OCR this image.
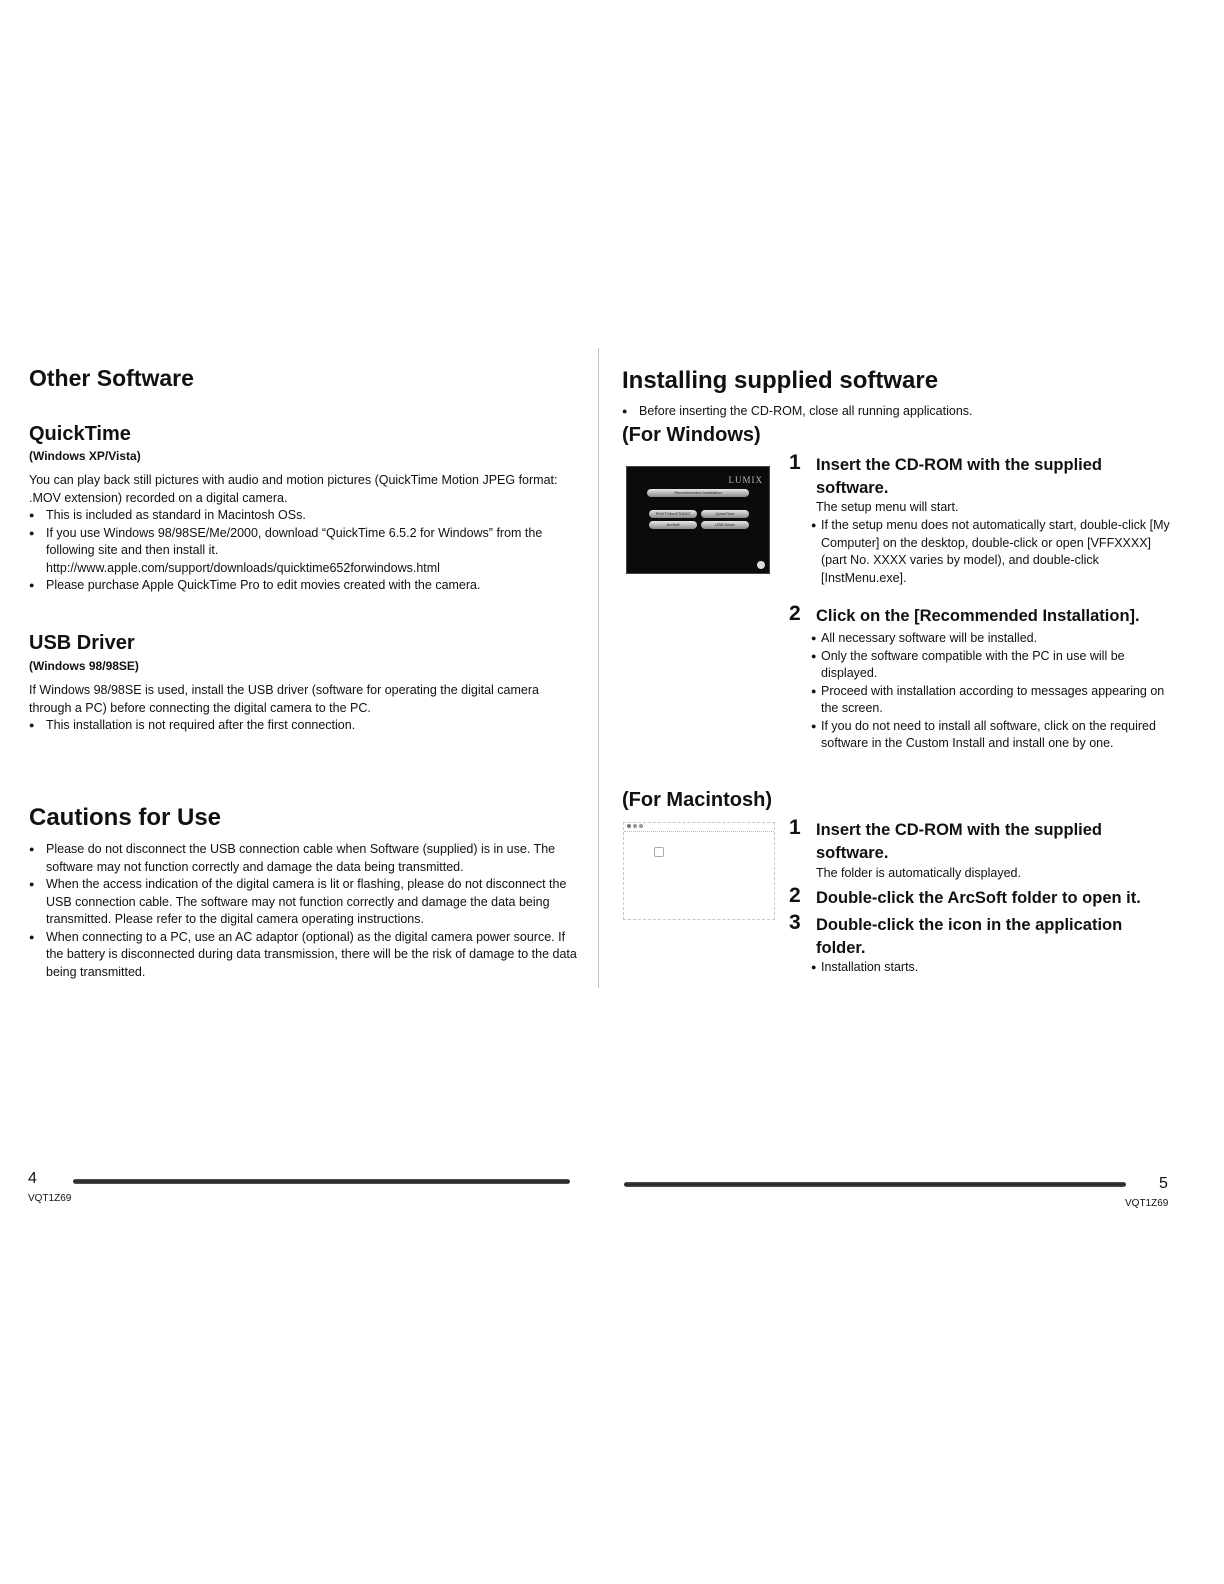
Other Software
QuickTime

(Windows XP/Vista)

You can play back still pictures with audio and motion pictures (QuickTime Motion JPEG format: .MOV extension) recorded on a digital camera.

● This is included as standard in Macintosh OSs.
● If you use Windows 98/98SE/Me/2000, download “QuickTime 6.5.2 for Windows” from the following site and then install it.
http://www.apple.com/support/downloads/quicktime652forwindows.html
● Please purchase Apple QuickTime Pro to edit movies created with the camera.
USB Driver

(Windows 98/98SE)

If Windows 98/98SE is used, install the USB driver (software for operating the digital camera through a PC) before connecting the digital camera to the PC.

● This installation is not required after the first connection.
Cautions for Use
● Please do not disconnect the USB connection cable when Software (supplied) is in use. The software may not function correctly and damage the data being transmitted.
● When the access indication of the digital camera is lit or flashing, please do not disconnect the USB connection cable. The software may not function correctly and damage the data being transmitted. Please refer to the digital camera operating instructions.
● When connecting to a PC, use an AC adaptor (optional) as the digital camera power source. If the battery is disconnected during data transmission, there will be the risk of damage to the data being transmitted.
4
VQT1Z69
Installing supplied software
● Before inserting the CD-ROM, close all running applications.
(For Windows)
LUMIX
Recommended Installation
PHOTOfunSTUDIO	QuickTime
ArcSoft	USB Driver
1 Insert the CD-ROM with the supplied software.

The setup menu will start.

● If the setup menu does not automatically start, double-click [My Computer] on the desktop, double-click or open [VFFXXXX] (part No. XXXX varies by model), and double-click [InstMenu.exe].
2 Click on the [Recommended Installation].

● All necessary software will be installed.
● Only the software compatible with the PC in use will be displayed.
● Proceed with installation according to messages appearing on the screen.
● If you do not need to install all software, click on the required software in the Custom Install and install one by one.
(For Macintosh)
1 Insert the CD-ROM with the supplied software.

The folder is automatically displayed.

2 Double-click the ArcSoft folder to open it.

3 Double-click the icon in the application folder.

● Installation starts.
5
VQT1Z69
